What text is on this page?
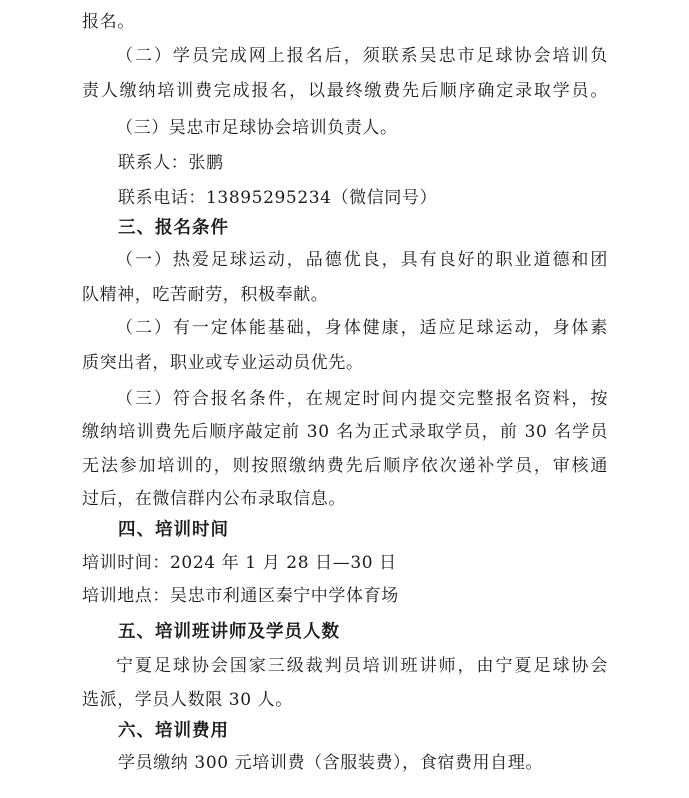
报名。
（二）学员完成网上报名后，须联系吴忠市足球协会培训负
责人缴纳培训费完成报名，以最终缴费先后顺序确定录取学员。
（三）吴忠市足球协会培训负责人。
联系人：张鹏
联系电话：13895295234（微信同号）
三、报名条件
（一）热爱足球运动，品德优良，具有良好的职业道德和团
队精神，吃苦耐劳，积极奉献。
（二）有一定体能基础，身体健康，适应足球运动，身体素
质突出者，职业或专业运动员优先。
（三）符合报名条件，在规定时间内提交完整报名资料，按
缴纳培训费先后顺序敲定前 30 名为正式录取学员，前 30 名学员
无法参加培训的，则按照缴纳费先后顺序依次递补学员，审核通
过后，在微信群内公布录取信息。
四、培训时间
培训时间：2024 年 1 月 28 日—30 日
培训地点：吴忠市利通区秦宁中学体育场
五、培训班讲师及学员人数
宁夏足球协会国家三级裁判员培训班讲师，由宁夏足球协会
选派，学员人数限 30 人。
六、培训费用
学员缴纳 300 元培训费（含服装费），食宿费用自理。
